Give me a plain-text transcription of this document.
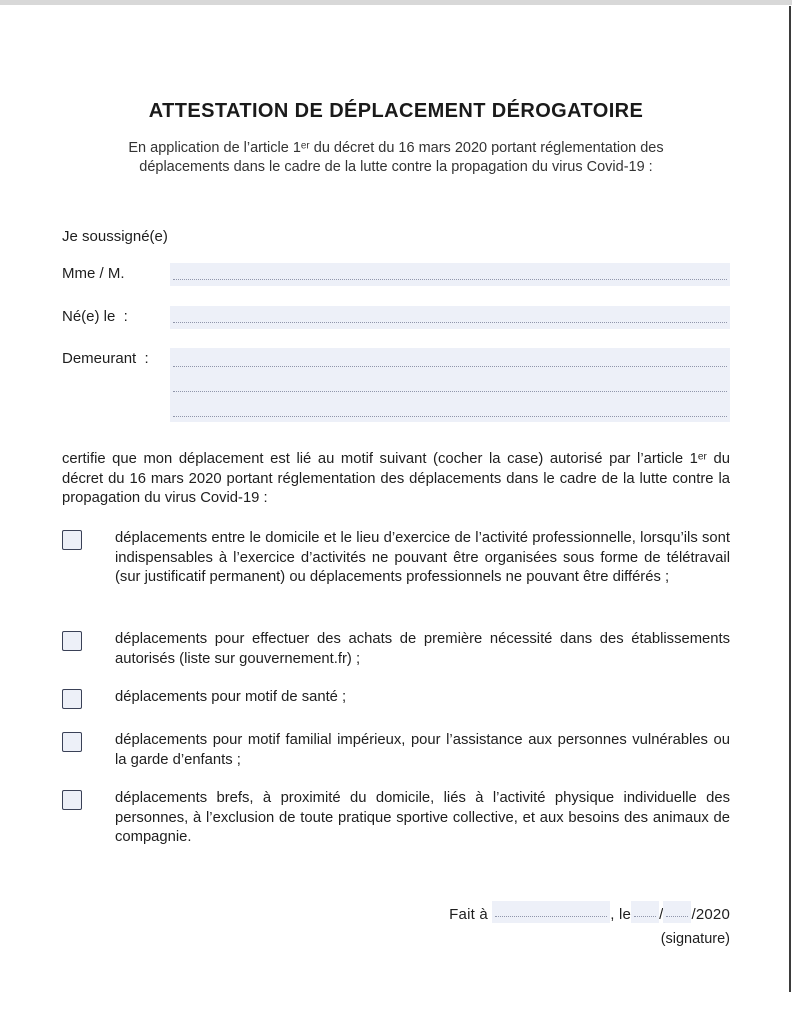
ATTESTATION DE DÉPLACEMENT DÉROGATOIRE
En application de l’article 1ᵉʳ du décret du 16 mars 2020 portant réglementation des
déplacements dans le cadre de la lutte contre la propagation du virus Covid-19 :
Je soussigné(e)
Mme / M.
Né(e) le  :
Demeurant  :

certifie que mon déplacement est lié au motif suivant (cocher la case) autorisé par l’article 1ᵉʳ du décret du 16 mars 2020 portant réglementation des déplacements dans le cadre de la lutte contre la propagation du virus Covid-19 :

déplacements entre le domicile et le lieu d’exercice de l’activité professionnelle, lorsqu’ils sont indispensables à l’exercice d’activités ne pouvant être organisées sous forme de télétravail (sur justificatif permanent) ou déplacements professionnels ne pouvant être différés ;

déplacements pour effectuer des achats de première nécessité dans des établissements autorisés (liste sur gouvernement.fr) ;

déplacements pour motif de santé ;

déplacements pour motif familial impérieux, pour l’assistance aux personnes vulnérables ou la garde d’enfants ;

déplacements brefs, à proximité du domicile, liés à l’activité physique individuelle des personnes, à l’exclusion de toute pratique sportive collective, et aux besoins des animaux de compagnie.

Fait à	, le / /2020
(signature)
